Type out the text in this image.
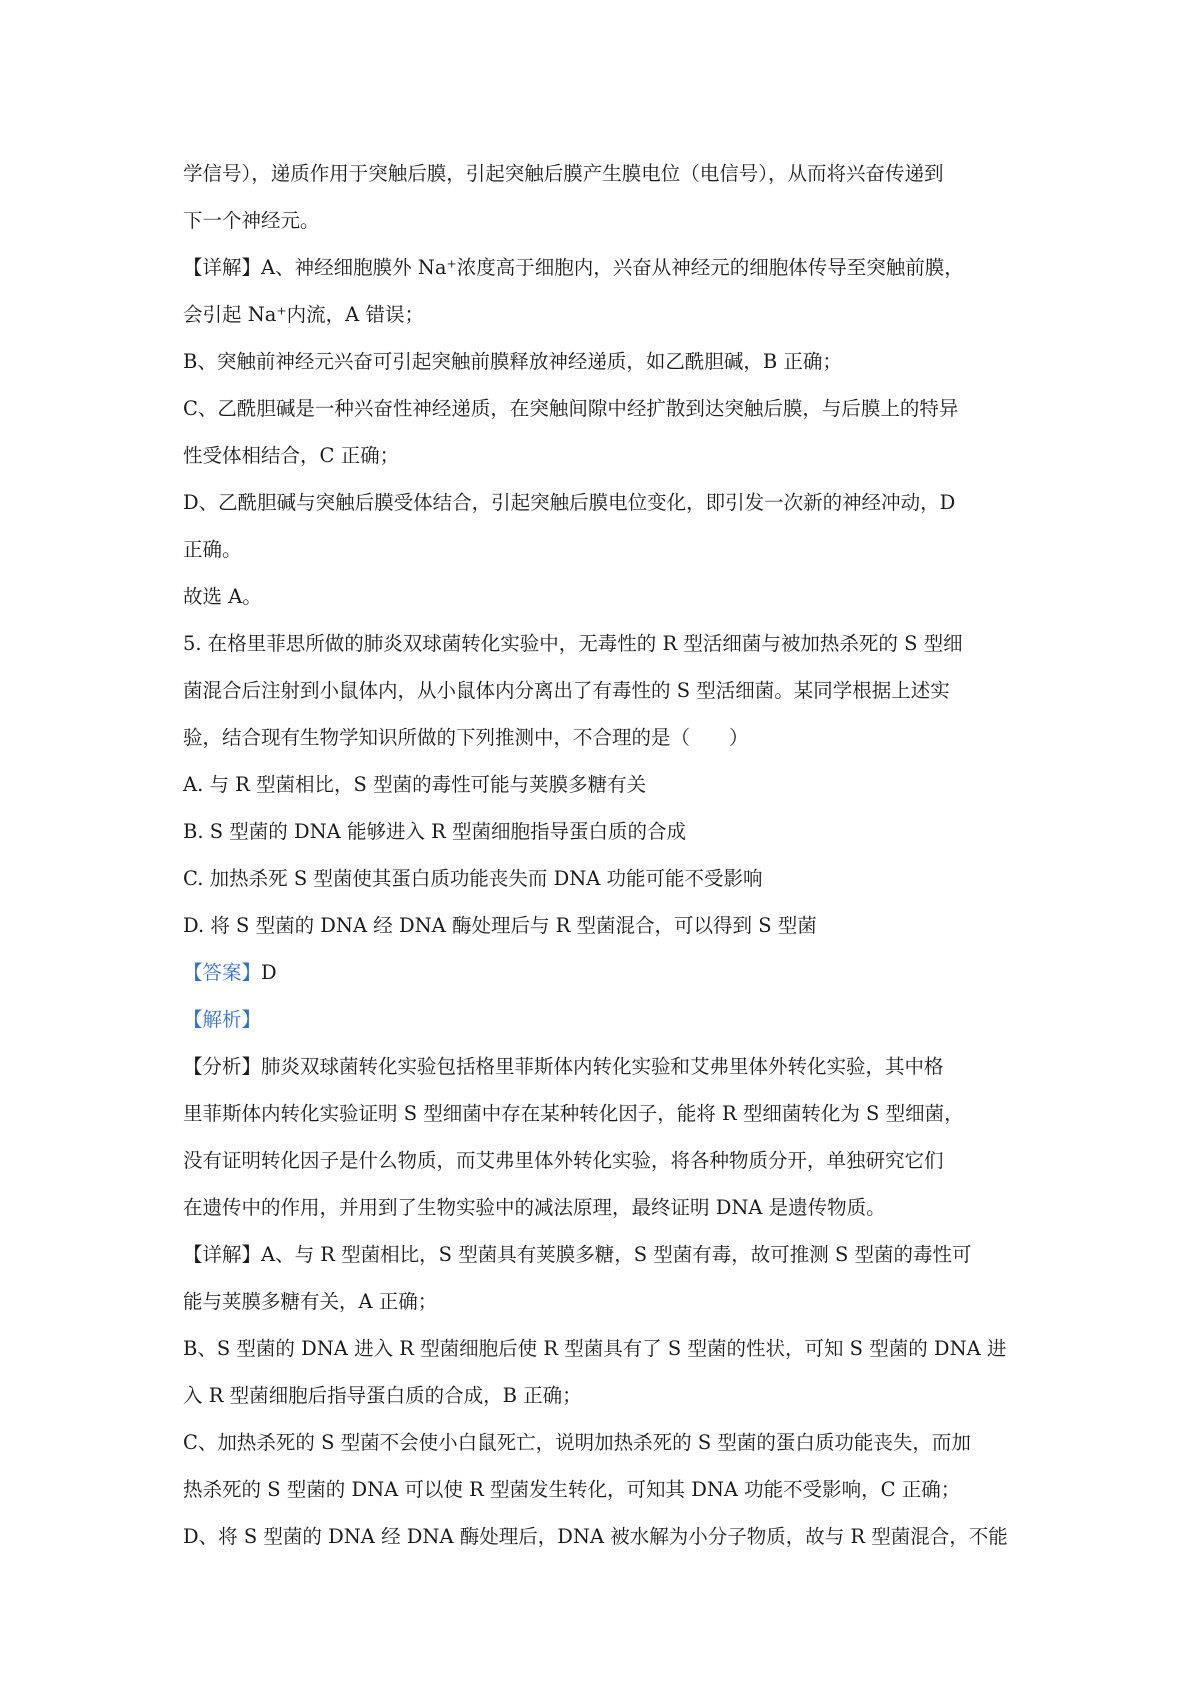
学信号），递质作用于突触后膜，引起突触后膜产生膜电位（电信号），从而将兴奋传递到

下一个神经元。

【详解】A、神经细胞膜外 Na⁺浓度高于细胞内，兴奋从神经元的细胞体传导至突触前膜，

会引起 Na⁺内流，A 错误；

B、突触前神经元兴奋可引起突触前膜释放神经递质，如乙酰胆碱，B 正确；

C、乙酰胆碱是一种兴奋性神经递质，在突触间隙中经扩散到达突触后膜，与后膜上的特异

性受体相结合，C 正确；

D、乙酰胆碱与突触后膜受体结合，引起突触后膜电位变化，即引发一次新的神经冲动，D

正确。

故选 A。

5. 在格里菲思所做的肺炎双球菌转化实验中，无毒性的 R 型活细菌与被加热杀死的 S 型细

菌混合后注射到小鼠体内，从小鼠体内分离出了有毒性的 S 型活细菌。某同学根据上述实

验，结合现有生物学知识所做的下列推测中，不合理的是（　　）

A. 与 R 型菌相比，S 型菌的毒性可能与荚膜多糖有关

B. S 型菌的 DNA 能够进入 R 型菌细胞指导蛋白质的合成

C. 加热杀死 S 型菌使其蛋白质功能丧失而 DNA 功能可能不受影响

D. 将 S 型菌的 DNA 经 DNA 酶处理后与 R 型菌混合，可以得到 S 型菌

【答案】D

【解析】

【分析】肺炎双球菌转化实验包括格里菲斯体内转化实验和艾弗里体外转化实验，其中格

里菲斯体内转化实验证明 S 型细菌中存在某种转化因子，能将 R 型细菌转化为 S 型细菌，

没有证明转化因子是什么物质，而艾弗里体外转化实验，将各种物质分开，单独研究它们

在遗传中的作用，并用到了生物实验中的减法原理，最终证明 DNA 是遗传物质。

【详解】A、与 R 型菌相比，S 型菌具有荚膜多糖，S 型菌有毒，故可推测 S 型菌的毒性可

能与荚膜多糖有关，A 正确；

B、S 型菌的 DNA 进入 R 型菌细胞后使 R 型菌具有了 S 型菌的性状，可知 S 型菌的 DNA 进

入 R 型菌细胞后指导蛋白质的合成，B 正确；

C、加热杀死的 S 型菌不会使小白鼠死亡，说明加热杀死的 S 型菌的蛋白质功能丧失，而加

热杀死的 S 型菌的 DNA 可以使 R 型菌发生转化，可知其 DNA 功能不受影响，C 正确；

D、将 S 型菌的 DNA 经 DNA 酶处理后，DNA 被水解为小分子物质，故与 R 型菌混合，不能
